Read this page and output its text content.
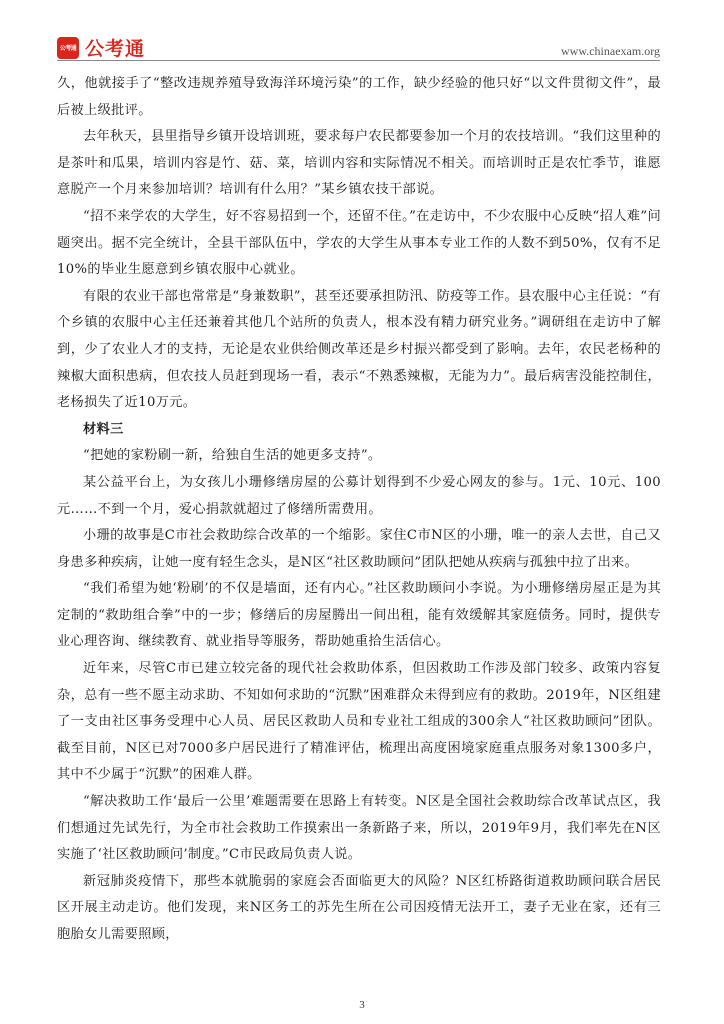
公考通 公考通	www.chinaexam.org

久，他就接手了“整改违规养殖导致海洋环境污染”的工作，缺少经验的他只好“以文件贯彻文件”，最后被上级批评。

去年秋天，县里指导乡镇开设培训班，要求每户农民都要参加一个月的农技培训。“我们这里种的是茶叶和瓜果，培训内容是竹、菇、菜，培训内容和实际情况不相关。而培训时正是农忙季节，谁愿意脱产一个月来参加培训？培训有什么用？”某乡镇农技干部说。

“招不来学农的大学生，好不容易招到一个，还留不住。”在走访中，不少农服中心反映“招人难”问题突出。据不完全统计，全县干部队伍中，学农的大学生从事本专业工作的人数不到50%，仅有不足10%的毕业生愿意到乡镇农服中心就业。

有限的农业干部也常常是“身兼数职”，甚至还要承担防汛、防疫等工作。县农服中心主任说：“有个乡镇的农服中心主任还兼着其他几个站所的负责人，根本没有精力研究业务。”调研组在走访中了解到，少了农业人才的支持，无论是农业供给侧改革还是乡村振兴都受到了影响。去年，农民老杨种的辣椒大面积患病，但农技人员赶到现场一看，表示“不熟悉辣椒，无能为力”。最后病害没能控制住，老杨损失了近10万元。

材料三

“把她的家粉刷一新，给独自生活的她更多支持”。

某公益平台上，为女孩儿小珊修缮房屋的公募计划得到不少爱心网友的参与。1元、10元、100元……不到一个月，爱心捐款就超过了修缮所需费用。

小珊的故事是C市社会救助综合改革的一个缩影。家住C市N区的小珊，唯一的亲人去世，自己又身患多种疾病，让她一度有轻生念头，是N区“社区救助顾问”团队把她从疾病与孤独中拉了出来。

“我们希望为她‘粉刷’的不仅是墙面，还有内心。”社区救助顾问小李说。为小珊修缮房屋正是为其定制的“救助组合拳”中的一步；修缮后的房屋腾出一间出租，能有效缓解其家庭债务。同时，提供专业心理咨询、继续教育、就业指导等服务，帮助她重拾生活信心。

近年来，尽管C市已建立较完备的现代社会救助体系，但因救助工作涉及部门较多、政策内容复杂，总有一些不愿主动求助、不知如何求助的“沉默”困难群众未得到应有的救助。2019年，N区组建了一支由社区事务受理中心人员、居民区救助人员和专业社工组成的300余人“社区救助顾问”团队。截至目前，N区已对7000多户居民进行了精准评估，梳理出高度困境家庭重点服务对象1300多户，其中不少属于“沉默”的困难人群。

“解决救助工作‘最后一公里’难题需要在思路上有转变。N区是全国社会救助综合改革试点区，我们想通过先试先行，为全市社会救助工作摸索出一条新路子来，所以，2019年9月，我们率先在N区实施了‘社区救助顾问’制度。”C市民政局负责人说。

新冠肺炎疫情下，那些本就脆弱的家庭会否面临更大的风险？N区红桥路街道救助顾问联合居民区开展主动走访。他们发现，来N区务工的苏先生所在公司因疫情无法开工，妻子无业在家，还有三胞胎女儿需要照顾，

3
